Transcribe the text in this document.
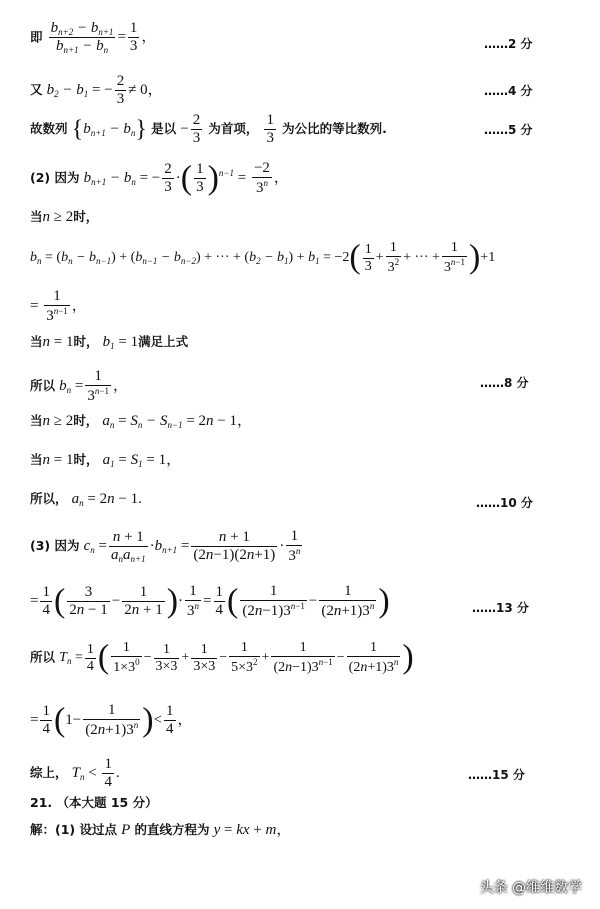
即 $\frac{b_{n+2} - b_{n+1}}{b_{n+1} - b_n} = \frac{1}{3}$ ，	……2 分
又 $b_2 - b_1$ = − $\frac{2}{3} \ne 0$，	……4 分
故数列 $\{b_{n+1} - b_n\}$ 是以 − $\frac{2}{3}$ 为首项， $\frac{1}{3}$ 为公比的等比数列.	……5 分
(2) 因为 $b_{n+1} - b_n$ = − $\frac{2}{3}$ ·( $\frac{1}{3} )^{n-1} = \frac{-2}{3^n}$ ，
当n ≥ 2时，
$b_n = (b_n - b_{n-1}) + (b_{n-1} - b_{n-2})$ + ··· + $(b_2 - b_1) + b_1 = -2( \frac{1}{3} + \frac{1}{3^2}$ + ··· + $\frac{1}{3^{n-1}} )+1$
= $\frac{1}{3^{n-1}}$ ，
当n = 1时， $b_1 = 1$满足上式
所以 $b_n = \frac{1}{3^{n-1}}$ ，	……8 分
当n ≥ 2时， $a_n = S_n - S_{n-1} = 2n - 1$，
当n = 1时， $a_1 = S_1 = 1$，
所以， $a_n = 2n - 1$.	……10 分
(3) 因为 $c_n = \frac{n + 1}{a_na_{n+1}} \cdot b_{n+1} = \frac{n + 1}{(2n-1)(2n+1)} \cdot \frac{1}{3^n}$
= $\frac{1}{4}$ ( $\frac{3}{2n - 1} - \frac{1}{2n + 1}$ )· $\frac{1}{3^n} = \frac{1}{4}$ ( $\frac{1}{(2n-1)3^{n-1}} - \frac{1}{(2n+1)3^n}$ )	……13 分
所以 $T_n = \frac{1}{4}$ ( $\frac{1}{1\times 3^0} - \frac{1}{3\times 3} + \frac{1}{3\times 3} - \frac{1}{5\times 3^2} + \frac{1}{(2n-1)3^{n-1}} - \frac{1}{(2n+1)3^n}$ )
= $\frac{1}{4} (1- \frac{1}{(2n+1)3^n}$ )< $\frac{1}{4}$ ，
综上， $T_n < \frac{1}{4}$ .	……15 分
21. （本大题 15 分）
解：(1) 设过点 P 的直线方程为 y = kx + m，
头条 @维维数学
